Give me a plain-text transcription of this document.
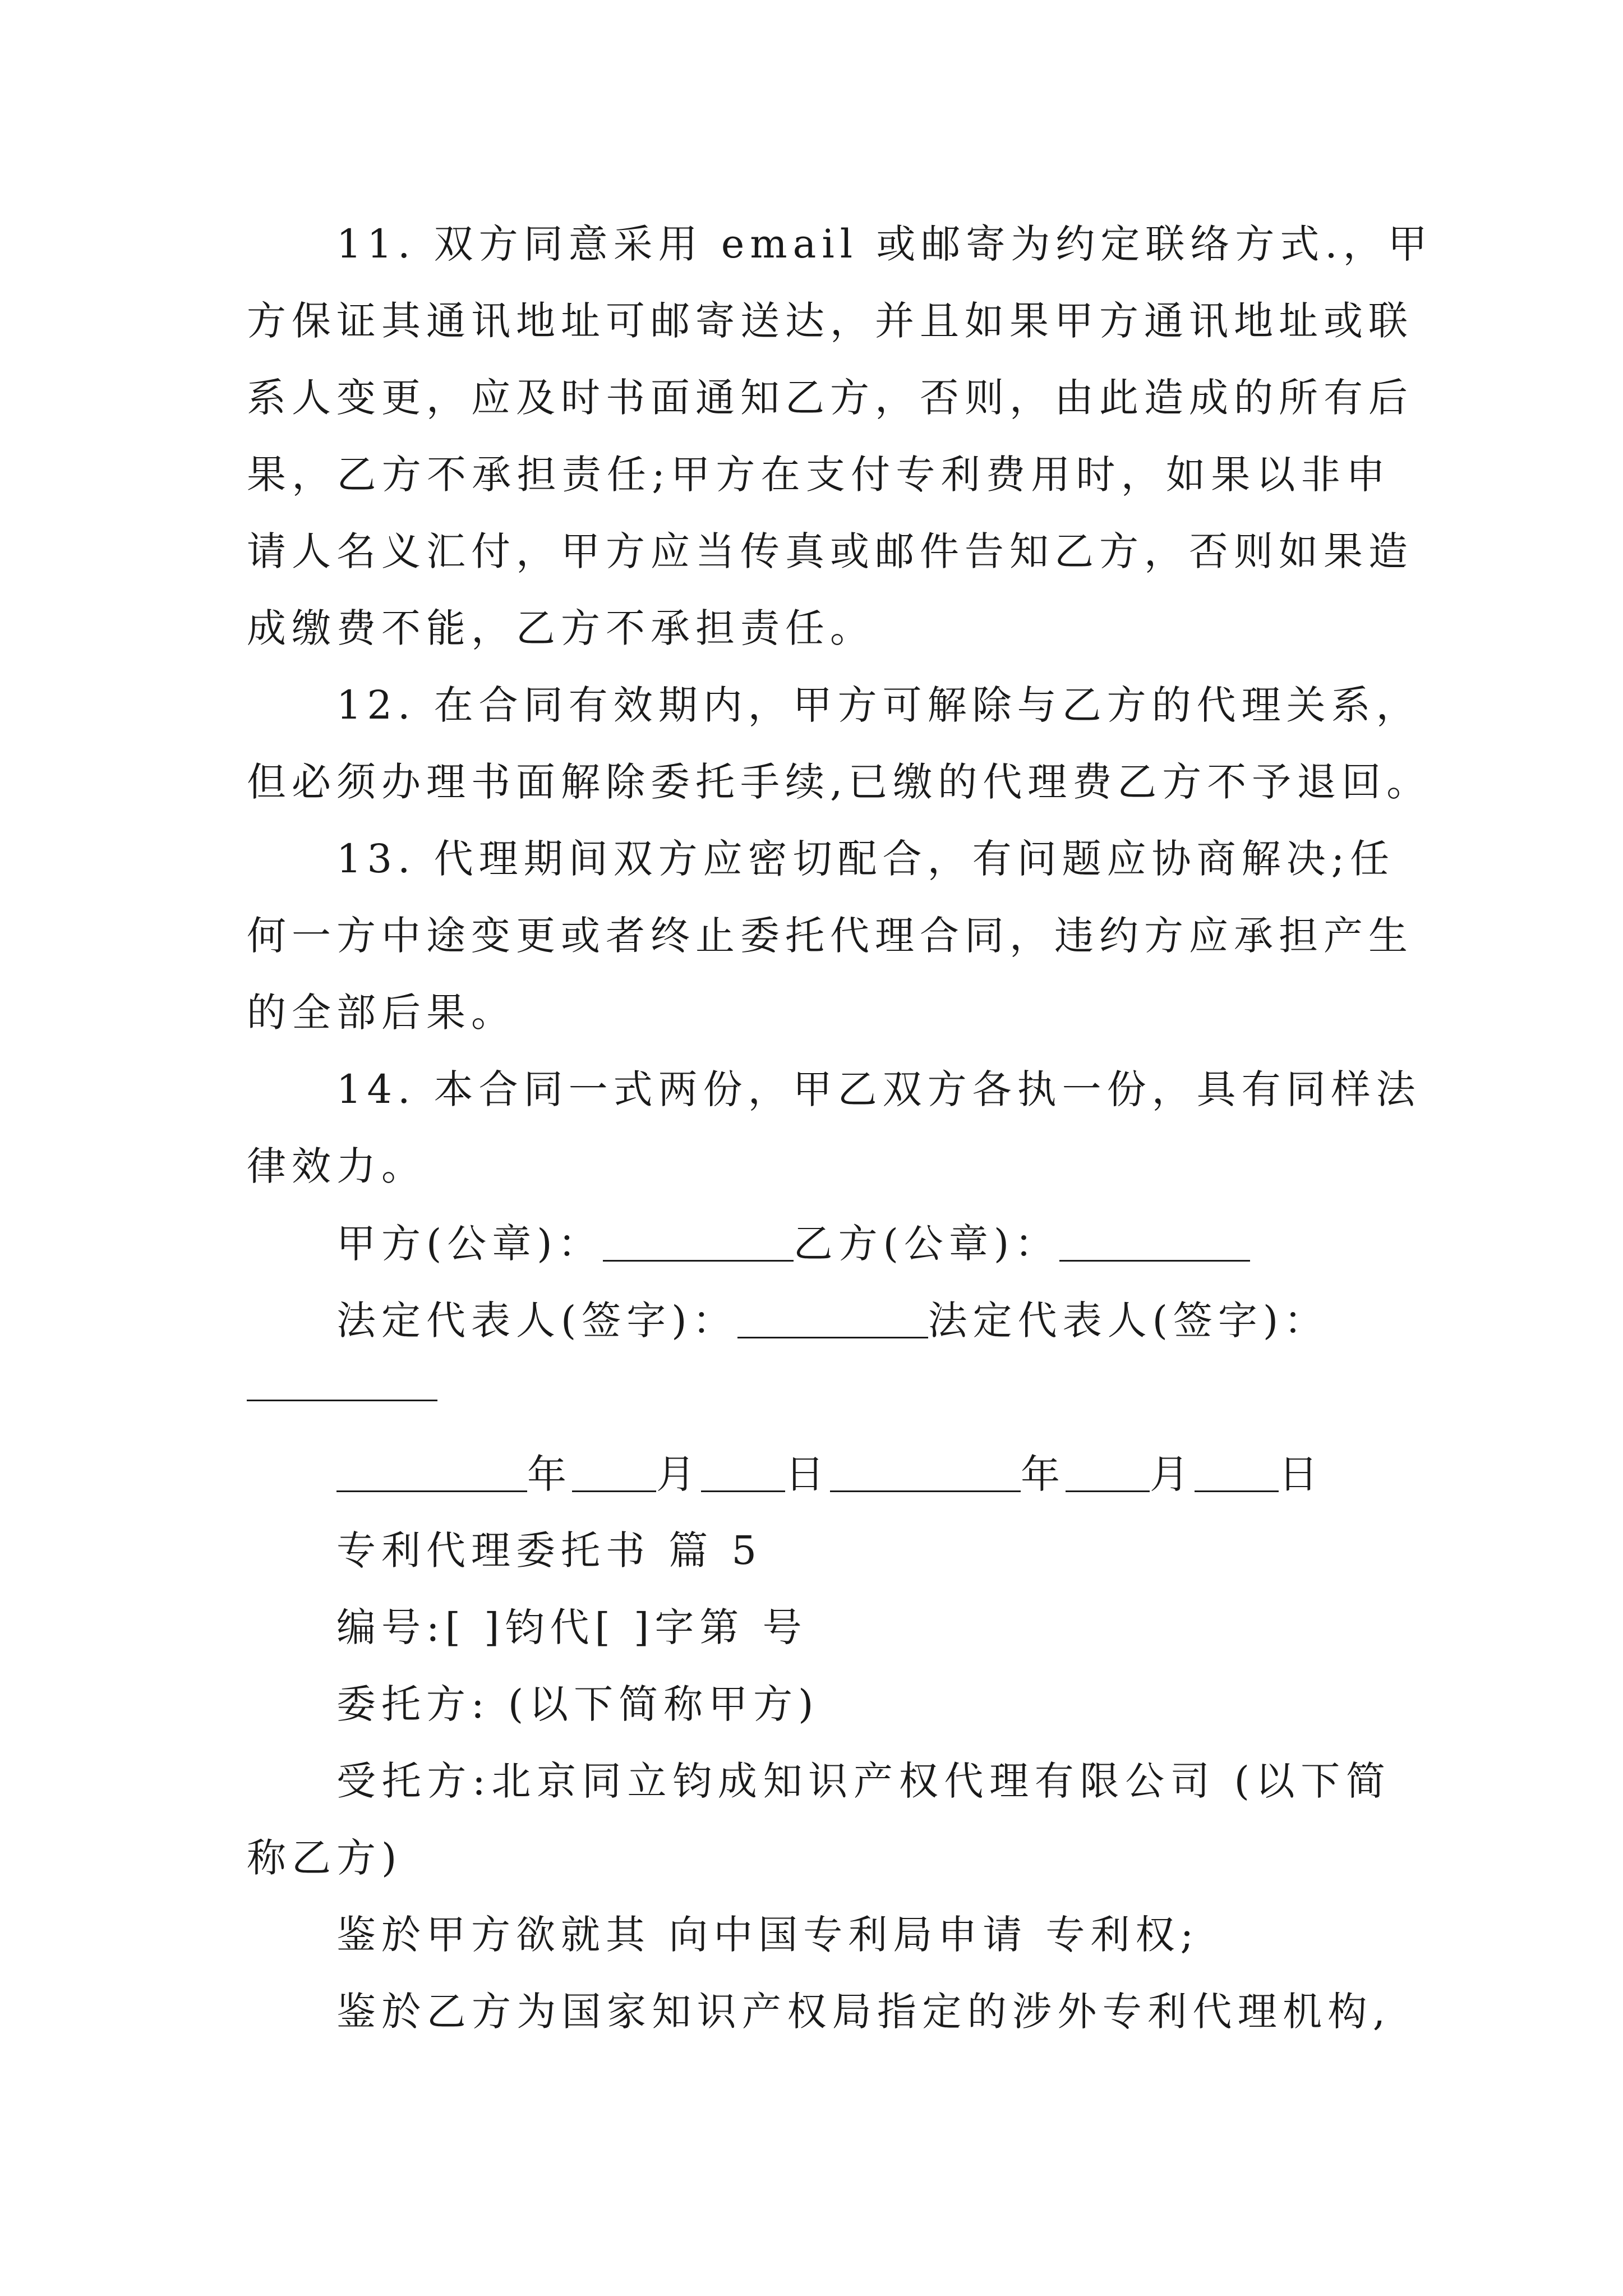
11. 双方同意采用 email 或邮寄为约定联络方式.，甲

方保证其通讯地址可邮寄送达，并且如果甲方通讯地址或联

系人变更，应及时书面通知乙方，否则，由此造成的所有后

果，乙方不承担责任;甲方在支付专利费用时，如果以非申

请人名义汇付，甲方应当传真或邮件告知乙方，否则如果造

成缴费不能，乙方不承担责任。

12. 在合同有效期内，甲方可解除与乙方的代理关系，

但必须办理书面解除委托手续,已缴的代理费乙方不予退回。

13. 代理期间双方应密切配合，有问题应协商解决;任

何一方中途变更或者终止委托代理合同，违约方应承担产生

的全部后果。

14. 本合同一式两份，甲乙双方各执一份，具有同样法

律效力。

甲方(公章)：	乙方(公章)：

法定代表人(签字)：	法定代表人(签字)：

年 月 日	年 月 日

专利代理委托书 篇 5

编号:[ ]钧代[ ]字第 号

委托方: (以下简称甲方)

受托方:北京同立钧成知识产权代理有限公司 (以下简

称乙方)

鉴於甲方欲就其 向中国专利局申请 专利权;

鉴於乙方为国家知识产权局指定的涉外专利代理机构,
